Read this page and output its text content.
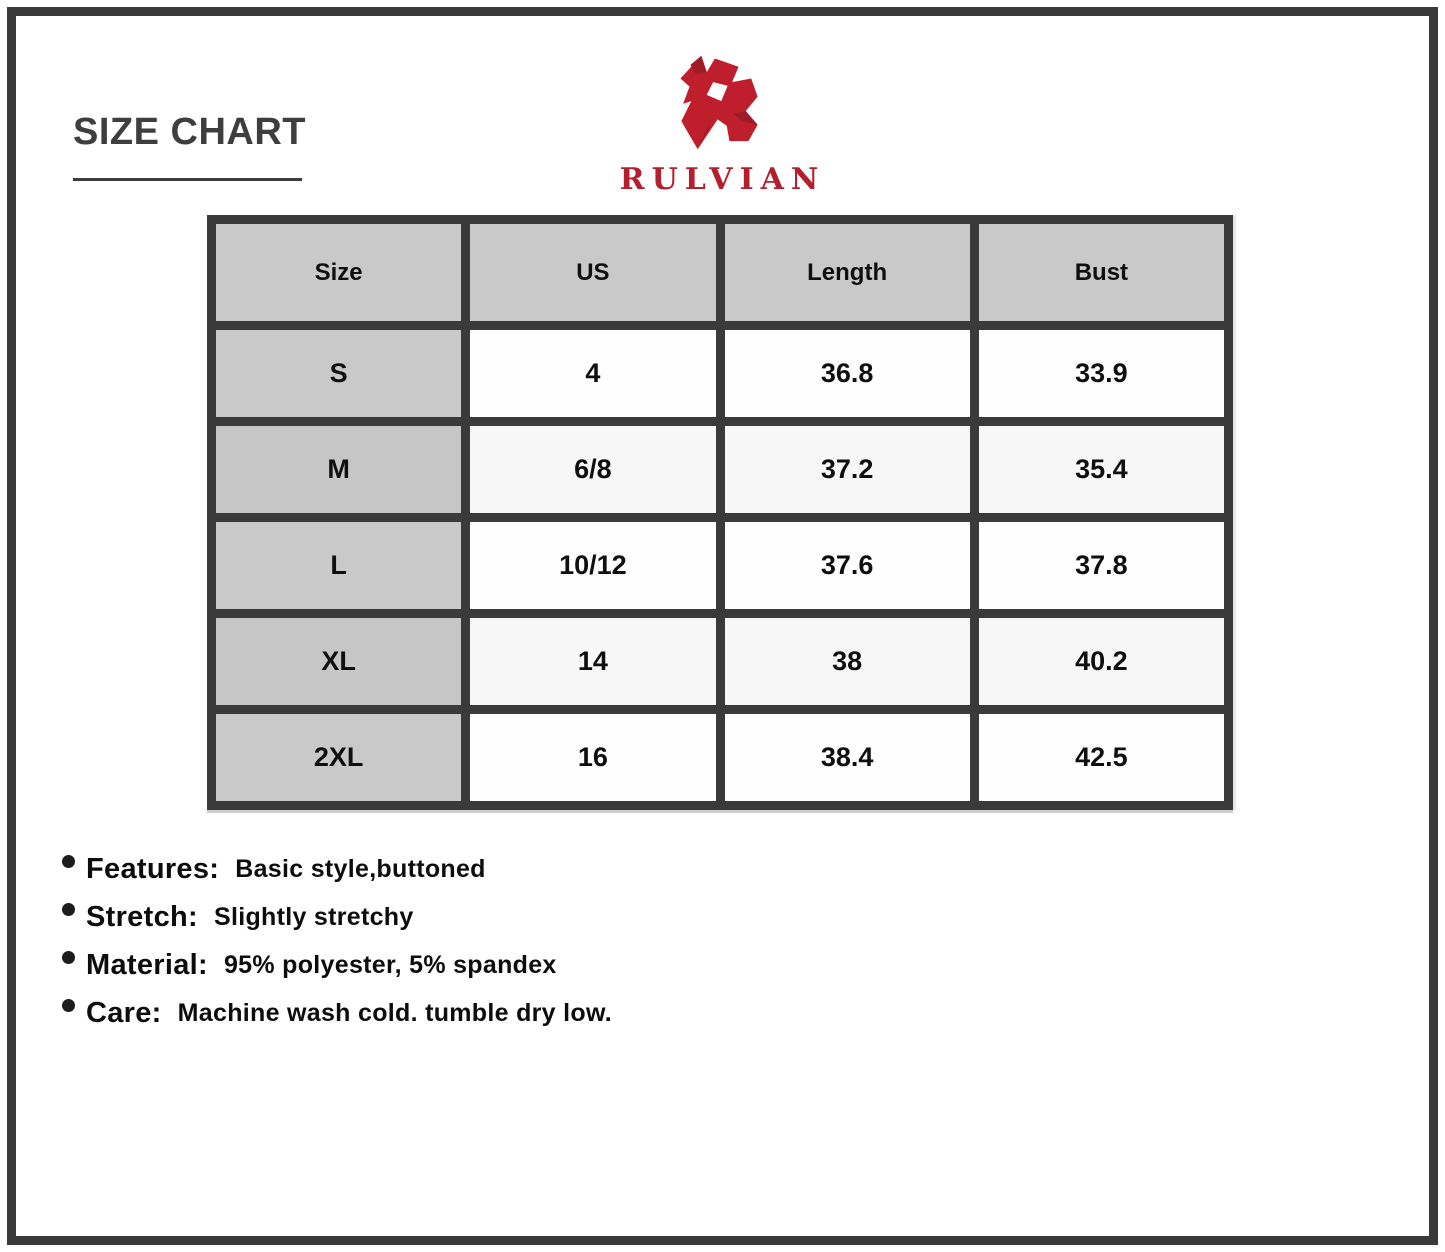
SIZE CHART
RULVIAN
Size	US	Length	Bust
S	4	36.8	33.9
M	6/8	37.2	35.4
L	10/12	37.6	37.8
XL	14	38	40.2
2XL	16	38.4	42.5
Features: Basic style,buttoned
Stretch: Slightly stretchy
Material: 95% polyester, 5% spandex
Care: Machine wash cold. tumble dry low.
